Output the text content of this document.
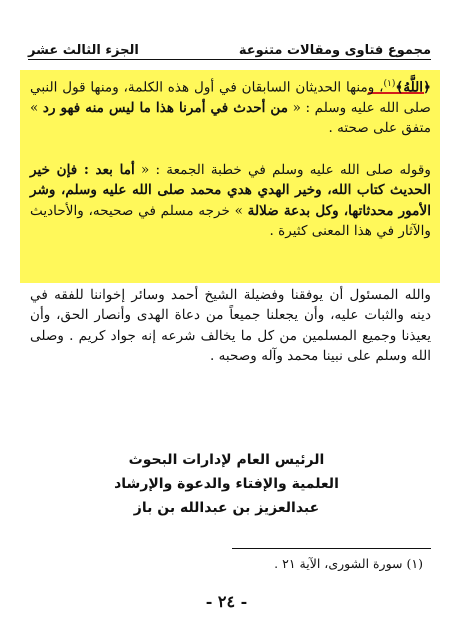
مجموع فتاوى ومقالات متنوعة
الجزء الثالث عشر

﴿اللَّهُ﴾$^{(١)}$، ومنها الحديثان السابقان في أول هذه الكلمة، ومنها قول النبي صلى الله عليه وسلم : « من أحدث في أمرنا هذا ما ليس منه فهو رد » متفق على صحته .

وقوله صلى الله عليه وسلم في خطبة الجمعة : « أما بعد : فإن خير الحديث كتاب الله، وخير الهدي هدي محمد صلى الله عليه وسلم، وشر الأمور محدثاتها، وكل بدعة ضلالة » خرجه مسلم في صحيحه، والأحاديث والآثار في هذا المعنى كثيرة .

والله المسئول أن يوفقنا وفضيلة الشيخ أحمد وسائر إخواننا للفقه في دينه والثبات عليه، وأن يجعلنا جميعاً من دعاة الهدى وأنصار الحق، وأن يعيذنا وجميع المسلمين من كل ما يخالف شرعه إنه جواد كريم . وصلى الله وسلم على نبينا محمد وآله وصحبه .

الرئيس العام لإدارات البحوث
العلمية والإفتاء والدعوة والإرشاد
عبدالعزيز بن عبدالله بن باز
(١) سورة الشورى، الآية ٢١ .
- ٢٤ -
